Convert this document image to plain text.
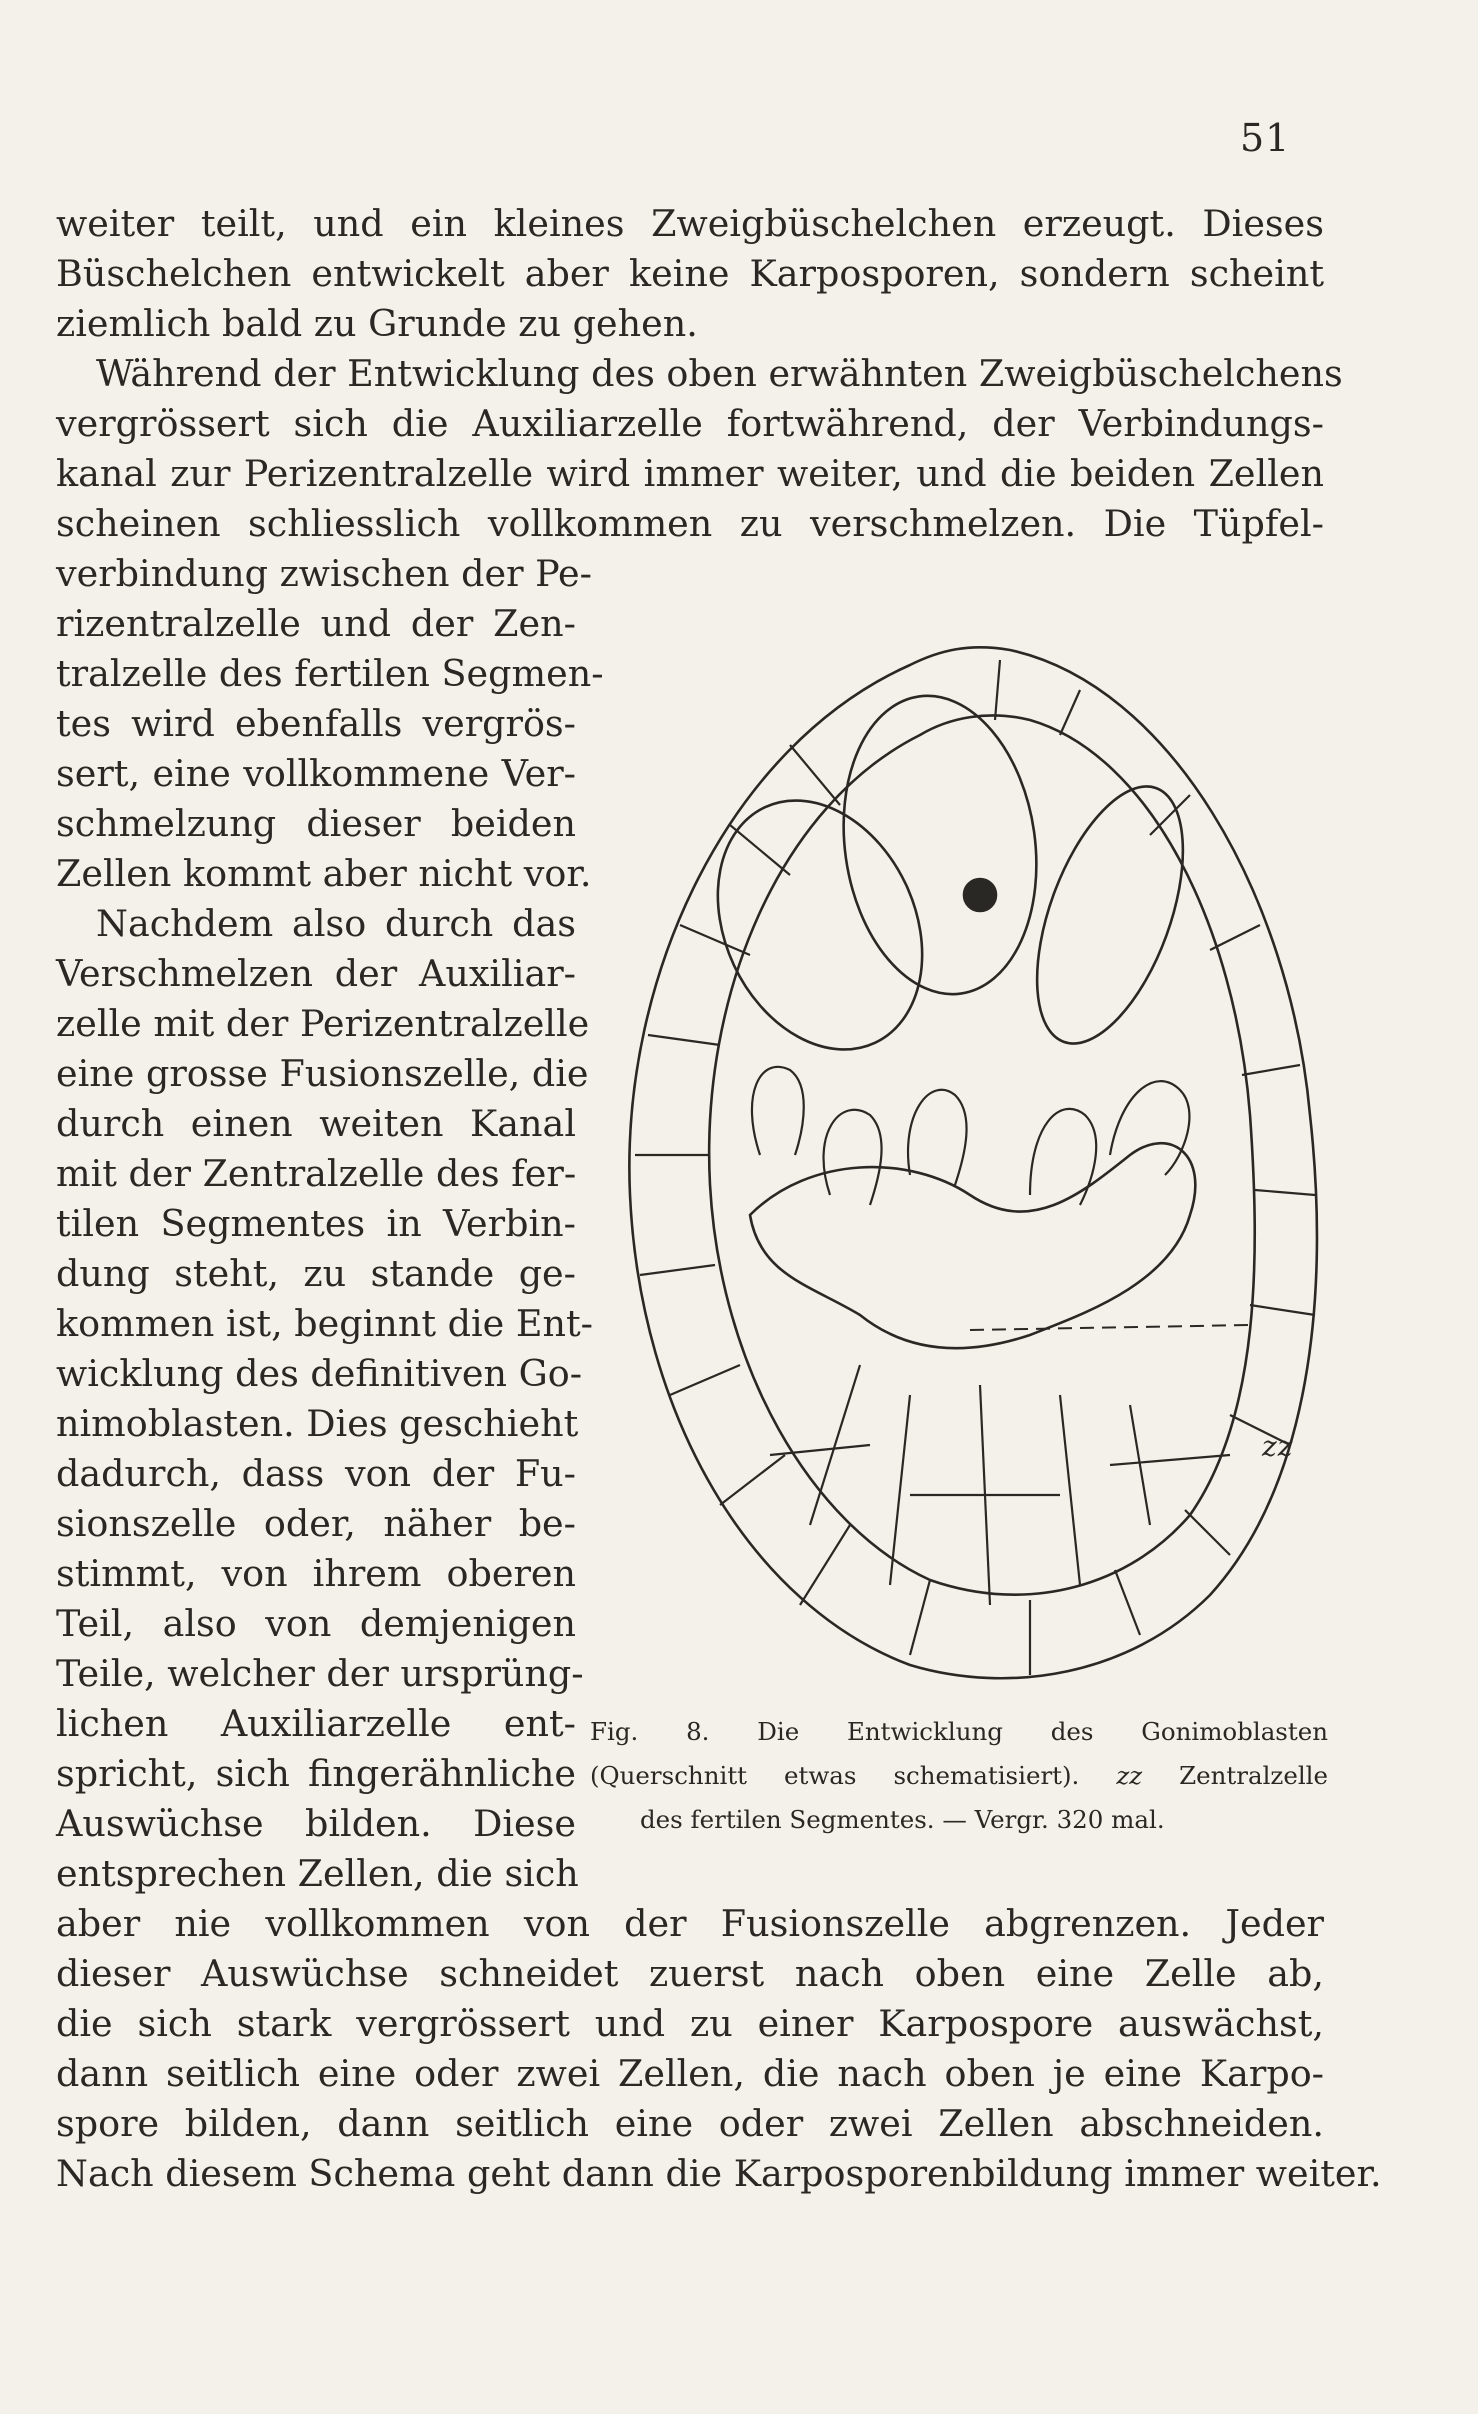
51
weiter teilt, und ein kleines Zweigbüschelchen erzeugt. Dieses
Büschelchen entwickelt aber keine Karposporen, sondern scheint
ziemlich bald zu Grunde zu gehen.
Während der Entwicklung des oben erwähnten Zweigbüschelchens
vergrössert sich die Auxiliarzelle fortwährend, der Verbindungs-
kanal zur Perizentralzelle wird immer weiter, und die beiden Zellen
scheinen schliesslich vollkommen zu verschmelzen. Die Tüpfel-
verbindung zwischen der Pe-
rizentralzelle und der Zen-
tralzelle des fertilen Segmen-
tes wird ebenfalls vergrös-
sert, eine vollkommene Ver-
schmelzung dieser beiden
Zellen kommt aber nicht vor.
Nachdem also durch das
Verschmelzen der Auxiliar-
zelle mit der Perizentralzelle
eine grosse Fusionszelle, die
durch einen weiten Kanal
mit der Zentralzelle des fer-
tilen Segmentes in Verbin-
dung steht, zu stande ge-
kommen ist, beginnt die Ent-
wicklung des definitiven Go-
nimoblasten. Dies geschieht
dadurch, dass von der Fu-
sionszelle oder, näher be-
stimmt, von ihrem oberen
Teil, also von demjenigen
Teile, welcher der ursprüng-
lichen Auxiliarzelle ent-
spricht, sich fingerähnliche
Auswüchse bilden. Diese
entsprechen Zellen, die sich
zz
Fig. 8. Die Entwicklung des Gonimoblasten
(Querschnitt etwas schematisiert). zz Zentralzelle
des fertilen Segmentes. — Vergr. 320 mal.
aber nie vollkommen von der Fusionszelle abgrenzen. Jeder
dieser Auswüchse schneidet zuerst nach oben eine Zelle ab,
die sich stark vergrössert und zu einer Karpospore auswächst,
dann seitlich eine oder zwei Zellen, die nach oben je eine Karpo-
spore bilden, dann seitlich eine oder zwei Zellen abschneiden.
Nach diesem Schema geht dann die Karposporenbildung immer weiter.
